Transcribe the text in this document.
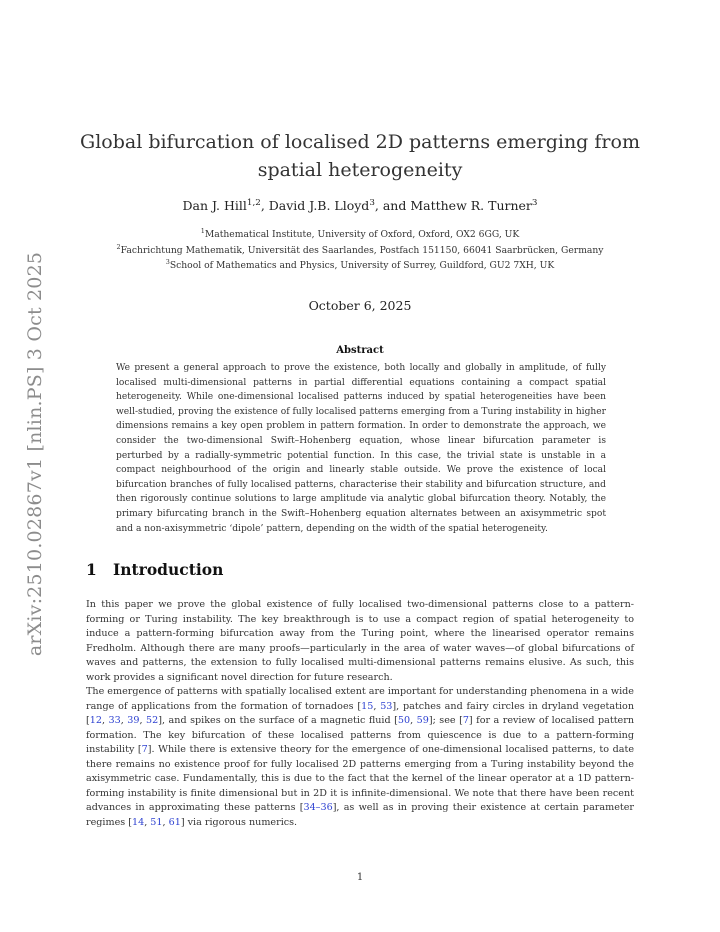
arXiv:2510.02867v1 [nlin.PS] 3 Oct 2025
Global bifurcation of localised 2D patterns emerging from spatial heterogeneity
Dan J. Hill$^{1,2}$, David J.B. Lloyd$^3$, and Matthew R. Turner$^3$
$^1$Mathematical Institute, University of Oxford, Oxford, OX2 6GG, UK
$^2$Fachrichtung Mathematik, Universität des Saarlandes, Postfach 151150, 66041 Saarbrücken, Germany
$^3$School of Mathematics and Physics, University of Surrey, Guildford, GU2 7XH, UK
October 6, 2025
Abstract
We present a general approach to prove the existence, both locally and globally in amplitude, of fully localised multi-dimensional patterns in partial differential equations containing a compact spatial heterogeneity. While one-dimensional localised patterns induced by spatial heterogeneities have been well-studied, proving the existence of fully localised patterns emerging from a Turing instability in higher dimensions remains a key open problem in pattern formation. In order to demonstrate the approach, we consider the two-dimensional Swift–Hohenberg equation, whose linear bifurcation parameter is perturbed by a radially-symmetric potential function. In this case, the trivial state is unstable in a compact neighbourhood of the origin and linearly stable outside. We prove the existence of local bifurcation branches of fully localised patterns, characterise their stability and bifurcation structure, and then rigorously continue solutions to large amplitude via analytic global bifurcation theory. Notably, the primary bifurcating branch in the Swift–Hohenberg equation alternates between an axisymmetric spot and a non-axisymmetric ‘dipole’ pattern, depending on the width of the spatial heterogeneity.
1 Introduction
In this paper we prove the global existence of fully localised two-dimensional patterns close to a pattern-forming or Turing instability. The key breakthrough is to use a compact region of spatial heterogeneity to induce a pattern-forming bifurcation away from the Turing point, where the linearised operator remains Fredholm. Although there are many proofs—particularly in the area of water waves—of global bifurcations of waves and patterns, the extension to fully localised multi-dimensional patterns remains elusive. As such, this work provides a significant novel direction for future research.
The emergence of patterns with spatially localised extent are important for understanding phenomena in a wide range of applications from the formation of tornadoes [15, 53], patches and fairy circles in dryland vegetation [12, 33, 39, 52], and spikes on the surface of a magnetic fluid [50, 59]; see [7] for a review of localised pattern formation. The key bifurcation of these localised patterns from quiescence is due to a pattern-forming instability [7]. While there is extensive theory for the emergence of one-dimensional localised patterns, to date there remains no existence proof for fully localised 2D patterns emerging from a Turing instability beyond the axisymmetric case. Fundamentally, this is due to the fact that the kernel of the linear operator at a 1D pattern-forming instability is finite dimensional but in 2D it is infinite-dimensional. We note that there have been recent advances in approximating these patterns [34–36], as well as in proving their existence at certain parameter regimes [14, 51, 61] via rigorous numerics.
1
